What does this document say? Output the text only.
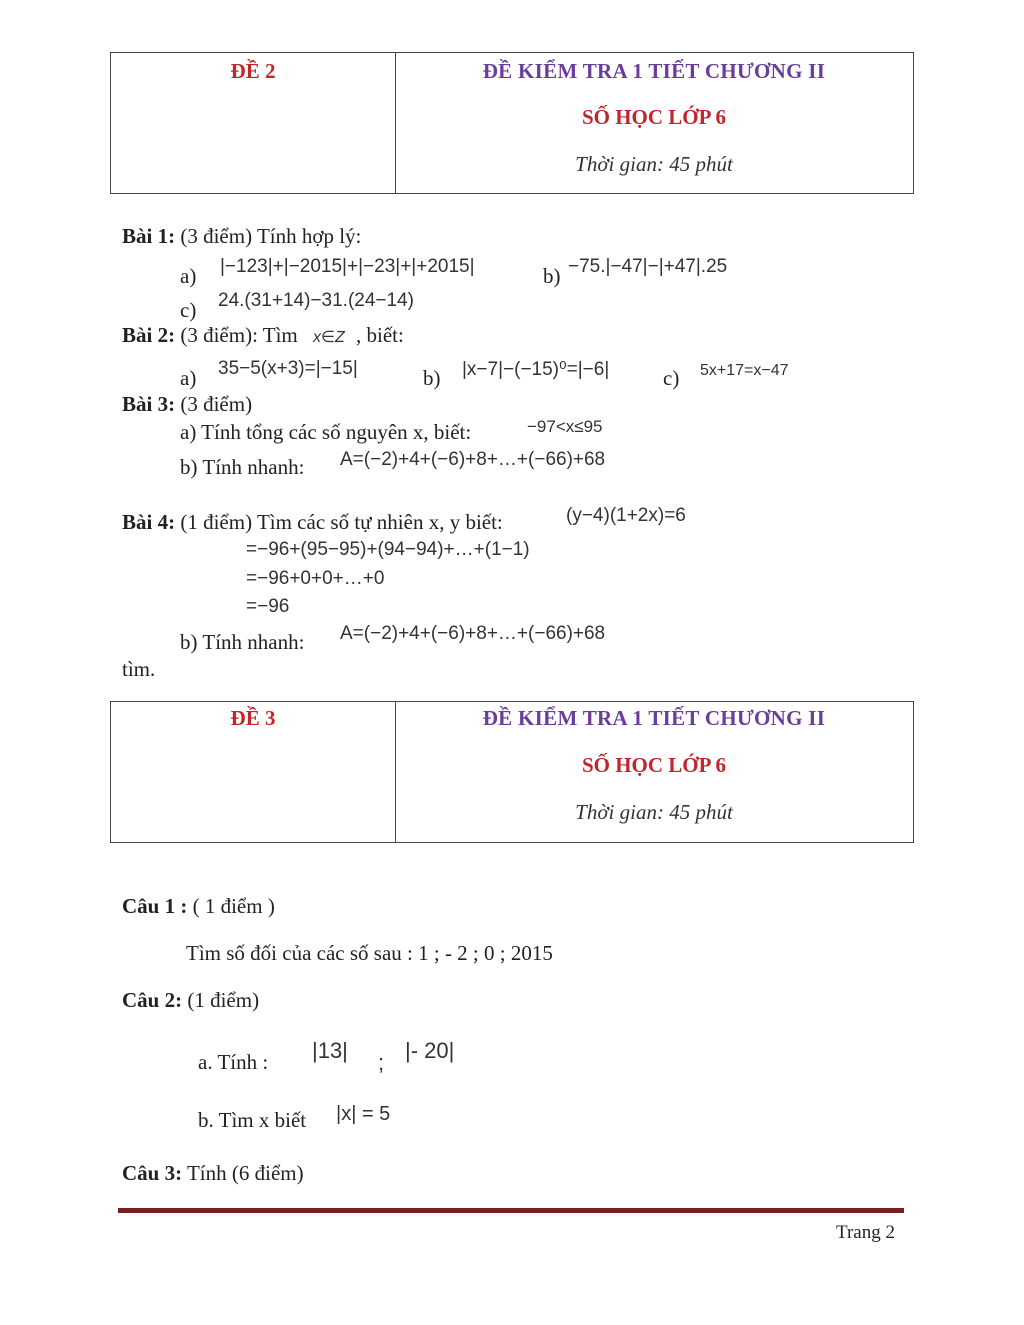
ĐỀ 2	ĐỀ KIỂM TRA 1 TIẾT CHƯƠNG II
SỐ HỌC LỚP 6
Thời gian: 45 phút
Bài 1: (3 điểm) Tính hợp lý:
a) |−123|+|−2015|+|−23|+|+2015|	b) −75.|−47|−|+47|.25
c) 24.(31+14)−31.(24−14)
Bài 2: (3 điểm): Tìm x∈Z , biết:
a) 35−5(x+3)=|−15|	b) |x−7|−(−15)⁰=|−6|	c) 5x+17=x−47
Bài 3: (3 điểm)
a) Tính tổng các số nguyên x, biết:	−97<x≤95
b) Tính nhanh: A=(−2)+4+(−6)+8+…+(−66)+68
Bài 4: (1 điểm) Tìm các số tự nhiên x, y biết:	(y−4)(1+2x)=6
=−96+(95−95)+(94−94)+…+(1−1)
=−96+0+0+…+0
=−96
b) Tính nhanh: A=(−2)+4+(−6)+8+…+(−66)+68
tìm.
ĐỀ 3	ĐỀ KIỂM TRA 1 TIẾT CHƯƠNG II
SỐ HỌC LỚP 6
Thời gian: 45 phút
Câu 1 : ( 1 điểm )
Tìm số đối của các số sau : 1 ; - 2 ; 0 ; 2015
Câu 2: (1 điểm)
a. Tính : |13| ; |- 20|
b. Tìm x biết |x| = 5
Câu 3: Tính (6 điểm)
Trang 2
